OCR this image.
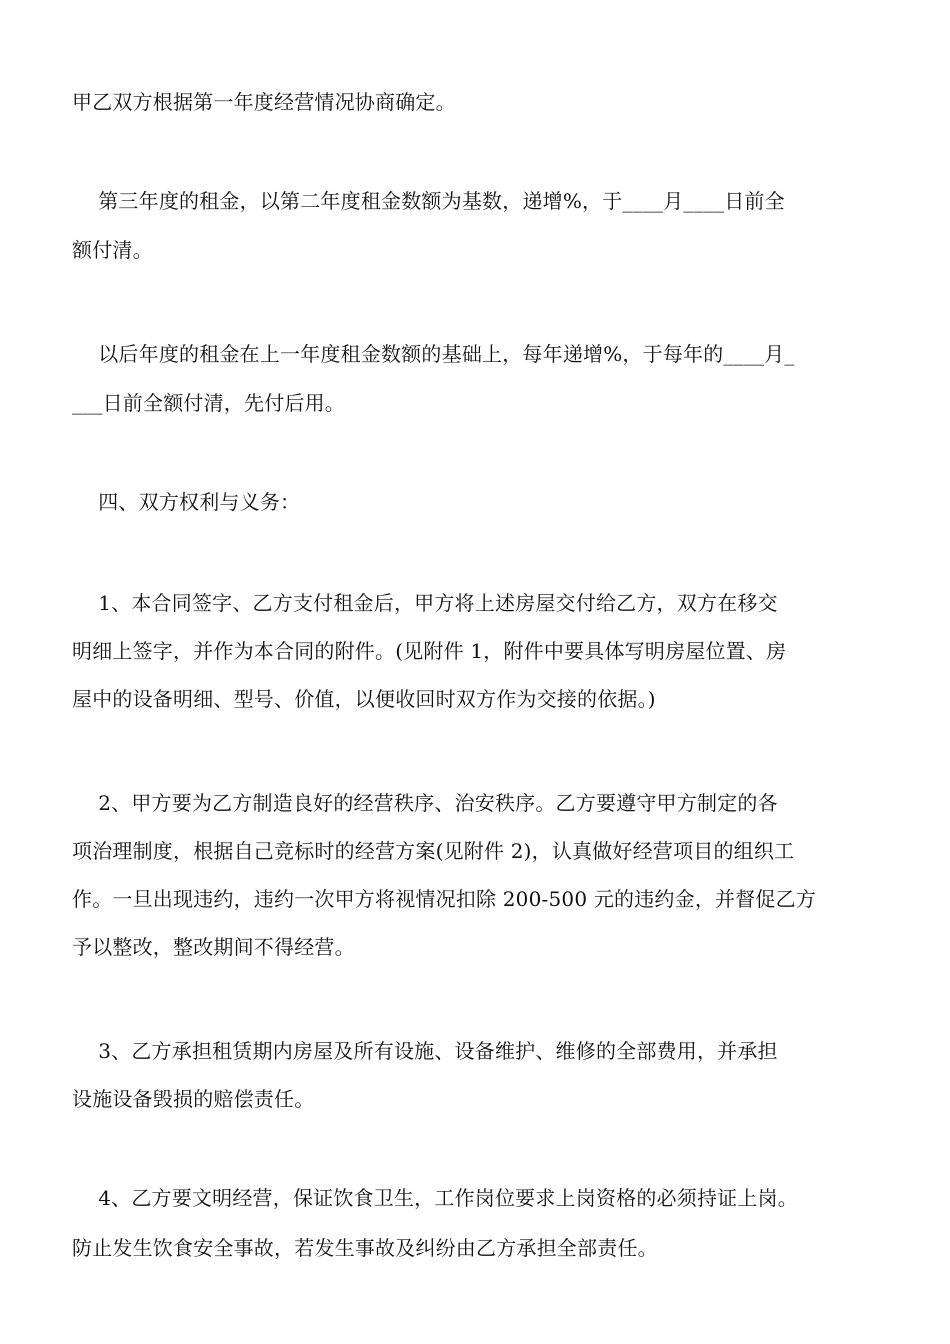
甲乙双方根据第一年度经营情况协商确定。
第三年度的租金，以第二年度租金数额为基数，递增%，于____月____日前全
额付清。
以后年度的租金在上一年度租金数额的基础上，每年递增%，于每年的____月_
___日前全额付清，先付后用。
四、双方权利与义务：
1、本合同签字、乙方支付租金后，甲方将上述房屋交付给乙方，双方在移交
明细上签字，并作为本合同的附件。(见附件 1，附件中要具体写明房屋位置、房
屋中的设备明细、型号、价值，以便收回时双方作为交接的依据。)
2、甲方要为乙方制造良好的经营秩序、治安秩序。乙方要遵守甲方制定的各
项治理制度，根据自己竞标时的经营方案(见附件 2)，认真做好经营项目的组织工
作。一旦出现违约，违约一次甲方将视情况扣除 200-500 元的违约金，并督促乙方
予以整改，整改期间不得经营。
3、乙方承担租赁期内房屋及所有设施、设备维护、维修的全部费用，并承担
设施设备毁损的赔偿责任。
4、乙方要文明经营，保证饮食卫生，工作岗位要求上岗资格的必须持证上岗。
防止发生饮食安全事故，若发生事故及纠纷由乙方承担全部责任。
